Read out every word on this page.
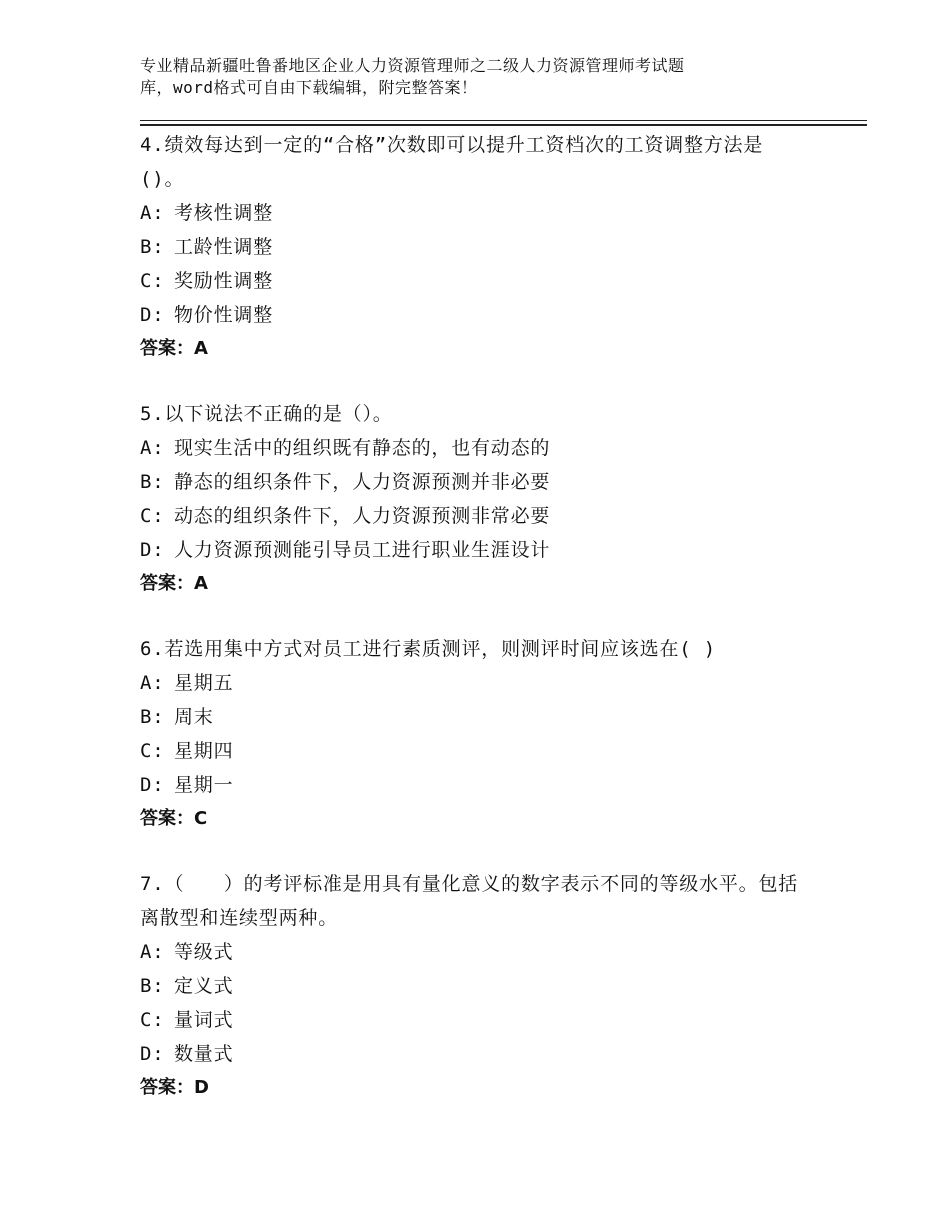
专业精品新疆吐鲁番地区企业人力资源管理师之二级人力资源管理师考试题

库，word格式可自由下载编辑，附完整答案！

4.绩效每达到一定的“合格”次数即可以提升工资档次的工资调整方法是()。

A: 考核性调整

B: 工龄性调整

C: 奖励性调整

D: 物价性调整

答案：A

5.以下说法不正确的是（）。

A: 现实生活中的组织既有静态的，也有动态的

B: 静态的组织条件下，人力资源预测并非必要

C: 动态的组织条件下，人力资源预测非常必要

D: 人力资源预测能引导员工进行职业生涯设计

答案：A

6.若选用集中方式对员工进行素质测评，则测评时间应该选在( )

A: 星期五

B: 周末

C: 星期四

D: 星期一

答案：C

7.（　　）的考评标准是用具有量化意义的数字表示不同的等级水平。包括离散型和连续型两种。

A: 等级式

B: 定义式

C: 量词式

D: 数量式

答案：D
